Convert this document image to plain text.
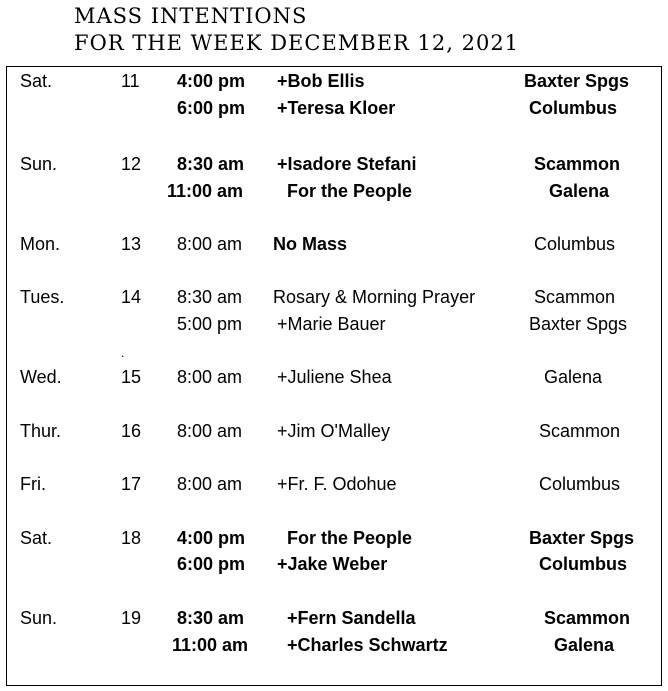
MASS INTENTIONS
FOR THE WEEK DECEMBER 12, 2021
Sat.	11 4:00 pm +Bob Ellis	Baxter Spgs
6:00 pm +Teresa Kloer	Columbus
Sun.	12 8:30 am +Isadore Stefani	Scammon
11:00 am For the People	Galena
Mon.	13 8:00 am No Mass	Columbus
Tues.	14 8:30 am Rosary & Morning Prayer	Scammon
5:00 pm +Marie Bauer	Baxter Spgs
.
Wed.	15 8:00 am +Juliene Shea	Galena
Thur.	16 8:00 am +Jim O'Malley	Scammon
Fri.	17 8:00 am +Fr. F. Odohue	Columbus
Sat.	18 4:00 pm For the People	Baxter Spgs
6:00 pm +Jake Weber	Columbus
Sun.	19 8:30 am +Fern Sandella	Scammon
11:00 am +Charles Schwartz	Galena
